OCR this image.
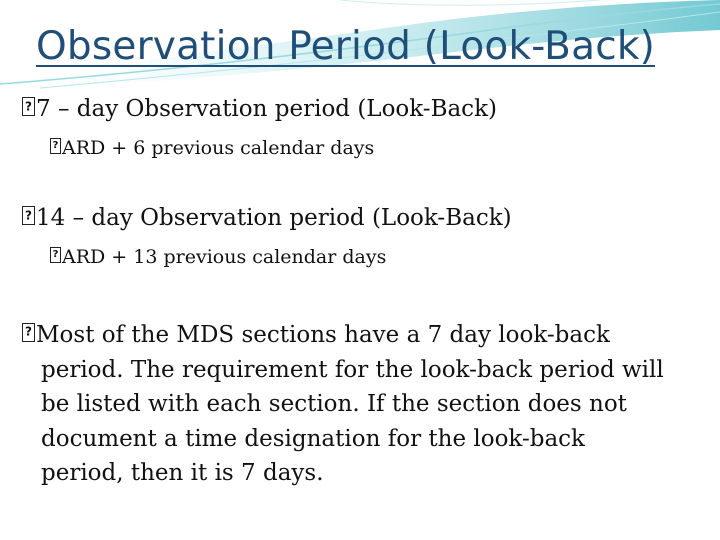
Observation Period (Look-Back)
?7 – day Observation period (Look-Back)
?ARD + 6 previous calendar days
?14 – day Observation period (Look-Back)
?ARD + 13 previous calendar days
?Most of the MDS sections have a 7 day look-back
period. The requirement for the look-back period will
be listed with each section. If the section does not
document a time designation for the look-back
period, then it is 7 days.
